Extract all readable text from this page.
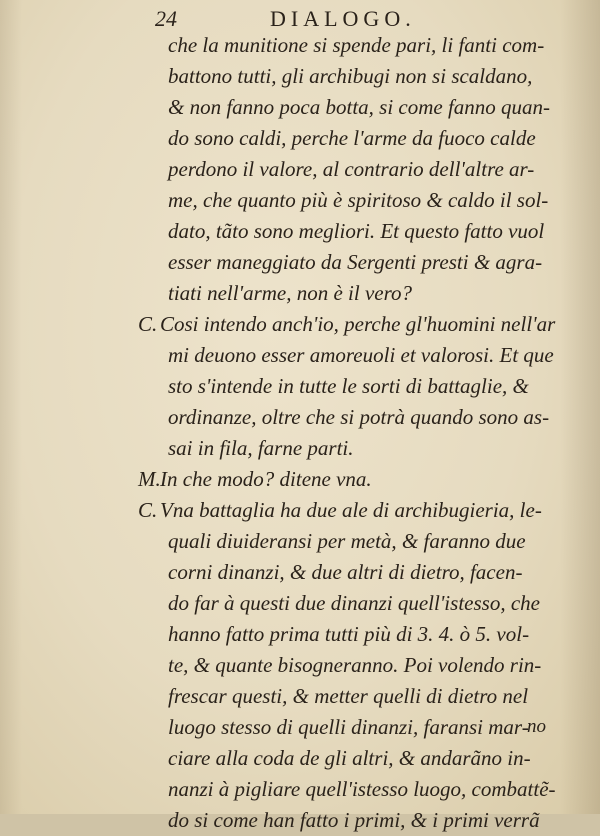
24	DIALOGO.
che la munitione si spende pari, li fanti com-
battono tutti, gli archibugi non si scaldano,
& non fanno poca botta, si come fanno quan-
do sono caldi, perche l'arme da fuoco calde
perdono il valore, al contrario dell'altre ar-
me, che quanto più è spiritoso & caldo il sol-
dato, tãto sono megliori. Et questo fatto vuol
esser maneggiato da Sergenti presti & agra-
tiati nell'arme, non è il vero?
C. Cosi intendo anch'io, perche gl'huomini nell'ar
mi deuono esser amoreuoli et valorosi. Et que
sto s'intende in tutte le sorti di battaglie, &
ordinanze, oltre che si potrà quando sono as-
sai in fila, farne parti.
M. In che modo? ditene vna.
C. Vna battaglia ha due ale di archibugieria, le-
quali diuideransi per metà, & faranno due
corni dinanzi, & due altri di dietro, facen-
do far à questi due dinanzi quell'istesso, che
hanno fatto prima tutti più di 3. 4. ò 5. vol-
te, & quante bisogneranno. Poi volendo rin-
frescar questi, & metter quelli di dietro nel
luogo stesso di quelli dinanzi, faransi mar-
ciare alla coda de gli altri, & andarãno in-
nanzi à pigliare quell'istesso luogo, combattẽ-
do si come han fatto i primi, & i primi verrã
no
